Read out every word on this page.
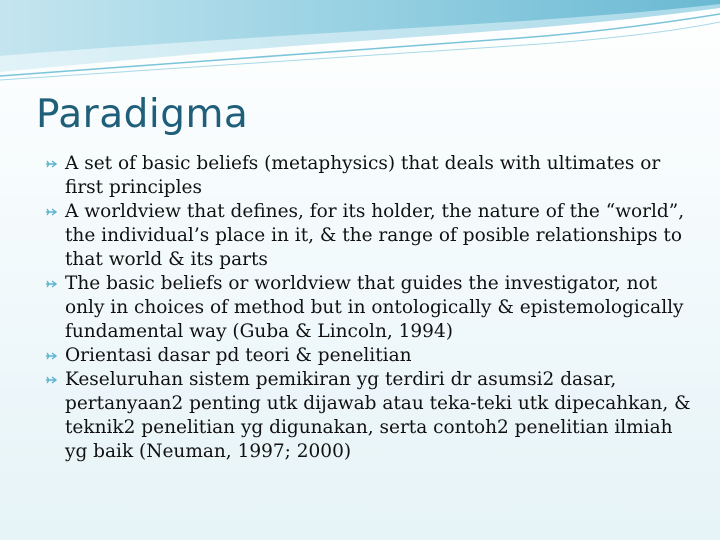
Paradigma
A set of basic beliefs (metaphysics) that deals with ultimates or first principles
A worldview that defines, for its holder, the nature of the “world”, the individual’s place in it, & the range of posible relationships to that world & its parts
The basic beliefs or worldview that guides the investigator, not only in choices of method but in ontologically & epistemologically fundamental way (Guba & Lincoln, 1994)
Orientasi dasar pd teori & penelitian
Keseluruhan sistem pemikiran yg terdiri dr asumsi2 dasar, pertanyaan2 penting utk dijawab atau teka-teki utk dipecahkan, & teknik2 penelitian yg digunakan, serta contoh2 penelitian ilmiah yg baik (Neuman, 1997; 2000)
